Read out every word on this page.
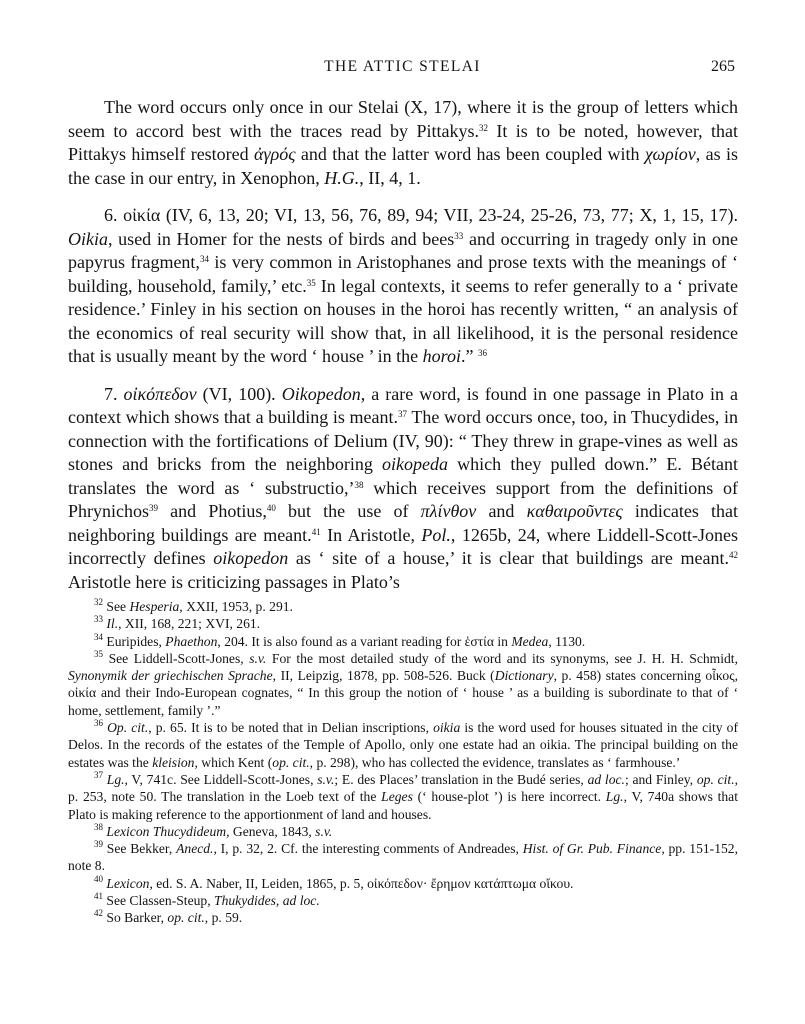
THE ATTIC STELAI	265

The word occurs only once in our Stelai (X, 17), where it is the group of letters which seem to accord best with the traces read by Pittakys.$^{32}$ It is to be noted, however, that Pittakys himself restored ἀγρός and that the latter word has been coupled with χωρίον, as is the case in our entry, in Xenophon, H.G., II, 4, 1.

6. οἰκία (IV, 6, 13, 20; VI, 13, 56, 76, 89, 94; VII, 23-24, 25-26, 73, 77; X, 1, 15, 17). Oikia, used in Homer for the nests of birds and bees$^{33}$ and occurring in tragedy only in one papyrus fragment,$^{34}$ is very common in Aristophanes and prose texts with the meanings of ‘ building, household, family,’ etc.$^{35}$ In legal contexts, it seems to refer generally to a ‘ private residence.’ Finley in his section on houses in the horoi has recently written, “ an analysis of the economics of real security will show that, in all likelihood, it is the personal residence that is usually meant by the word ‘ house ’ in the horoi.” $^{36}$

7. οἰκόπεδον (VI, 100). Oikopedon, a rare word, is found in one passage in Plato in a context which shows that a building is meant.$^{37}$ The word occurs once, too, in Thucydides, in connection with the fortifications of Delium (IV, 90): “ They threw in grape-vines as well as stones and bricks from the neighboring oikopeda which they pulled down.” E. Bétant translates the word as ‘ substructio,’$^{38}$ which receives support from the definitions of Phrynichos$^{39}$ and Photius,$^{40}$ but the use of πλίνθον and καθαιροῦντες indicates that neighboring buildings are meant.$^{41}$ In Aristotle, Pol., 1265b, 24, where Liddell-Scott-Jones incorrectly defines oikopedon as ‘ site of a house,’ it is clear that buildings are meant.$^{42}$ Aristotle here is criticizing passages in Plato’s

$^{32}$ See Hesperia, XXII, 1953, p. 291.

$^{33}$ Il., XII, 168, 221; XVI, 261.

$^{34}$ Euripides, Phaethon, 204. It is also found as a variant reading for ἑστία in Medea, 1130.

$^{35}$ See Liddell-Scott-Jones, s.v. For the most detailed study of the word and its synonyms, see J. H. H. Schmidt, Synonymik der griechischen Sprache, II, Leipzig, 1878, pp. 508-526. Buck (Dictionary, p. 458) states concerning οἶκος, οἰκία and their Indo-European cognates, “ In this group the notion of ‘ house ’ as a building is subordinate to that of ‘ home, settlement, family ’.”

$^{36}$ Op. cit., p. 65. It is to be noted that in Delian inscriptions, oikia is the word used for houses situated in the city of Delos. In the records of the estates of the Temple of Apollo, only one estate had an oikia. The principal building on the estates was the kleision, which Kent (op. cit., p. 298), who has collected the evidence, translates as ‘ farmhouse.’

$^{37}$ Lg., V, 741c. See Liddell-Scott-Jones, s.v.; E. des Places’ translation in the Budé series, ad loc.; and Finley, op. cit., p. 253, note 50. The translation in the Loeb text of the Leges (‘ house-plot ’) is here incorrect. Lg., V, 740a shows that Plato is making reference to the apportionment of land and houses.

$^{38}$ Lexicon Thucydideum, Geneva, 1843, s.v.

$^{39}$ See Bekker, Anecd., I, p. 32, 2. Cf. the interesting comments of Andreades, Hist. of Gr. Pub. Finance, pp. 151-152, note 8.

$^{40}$ Lexicon, ed. S. A. Naber, II, Leiden, 1865, p. 5, οἰκόπεδον· ἔρημον κατάπτωμα οἴκου.

$^{41}$ See Classen-Steup, Thukydides, ad loc.

$^{42}$ So Barker, op. cit., p. 59.
